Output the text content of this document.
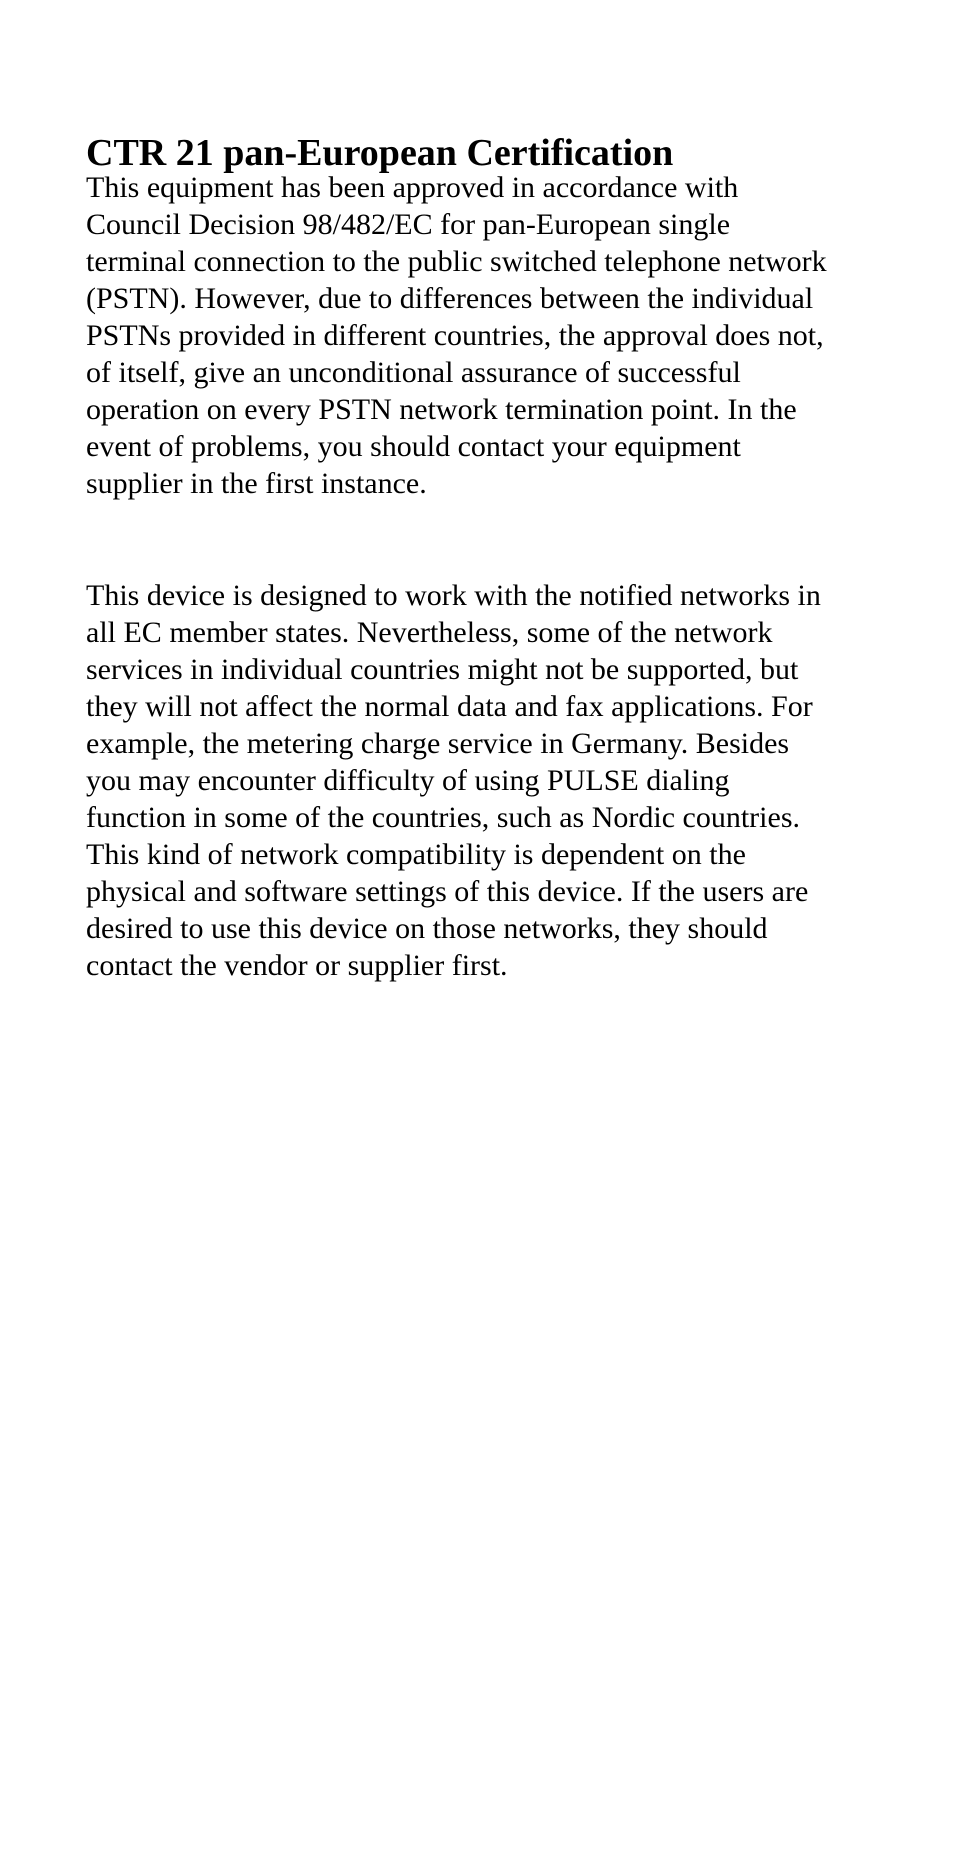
CTR 21 pan-European Certification
This equipment has been approved in accordance with
Council Decision 98/482/EC for pan-European single
terminal connection to the public switched telephone network
(PSTN). However, due to differences between the individual
PSTNs provided in different countries, the approval does not,
of itself, give an unconditional assurance of successful
operation on every PSTN network termination point. In the
event of problems, you should contact your equipment
supplier in the first instance.
This device is designed to work with the notified networks in
all EC member states. Nevertheless, some of the network
services in individual countries might not be supported, but
they will not affect the normal data and fax applications. For
example, the metering charge service in Germany. Besides
you may encounter difficulty of using PULSE dialing
function in some of the countries, such as Nordic countries.
This kind of network compatibility is dependent on the
physical and software settings of this device. If the users are
desired to use this device on those networks, they should
contact the vendor or supplier first.
